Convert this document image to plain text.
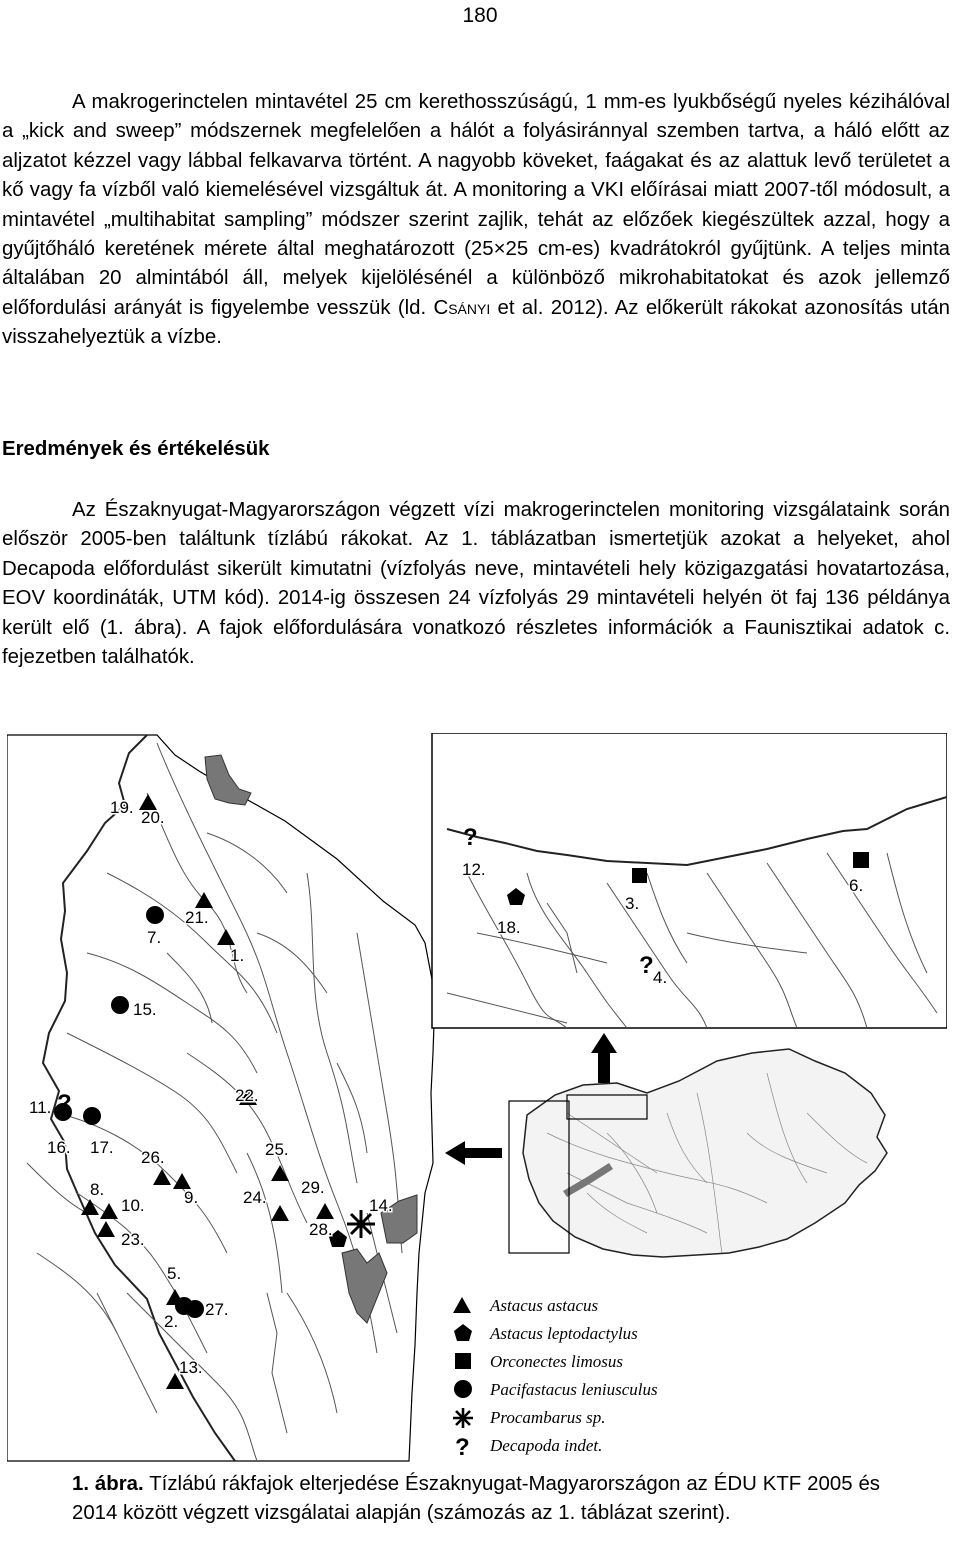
180

A makrogerinctelen mintavétel 25 cm kerethosszúságú, 1 mm-es lyukbőségű nyeles kézihálóval a „kick and sweep” módszernek megfelelően a hálót a folyásiránnyal szemben tartva, a háló előtt az aljzatot kézzel vagy lábbal felkavarva történt. A nagyobb köveket, faágakat és az alattuk levő területet a kő vagy fa vízből való kiemelésével vizsgáltuk át. A monitoring a VKI előírásai miatt 2007-től módosult, a mintavétel „multihabitat sampling” módszer szerint zajlik, tehát az előzőek kiegészültek azzal, hogy a gyűjtőháló keretének mérete által meghatározott (25×25 cm-es) kvadrátokról gyűjtünk. A teljes minta általában 20 almintából áll, melyek kijelölésénél a különböző mikrohabitatokat és azok jellemző előfordulási arányát is figyelembe vesszük (ld. Csányi et al. 2012). Az előkerült rákokat azonosítás után visszahelyeztük a vízbe.

Eredmények és értékelésük

Az Északnyugat-Magyarországon végzett vízi makrogerinctelen monitoring vizsgálataink során először 2005-ben találtunk tízlábú rákokat. Az 1. táblázatban ismertetjük azokat a helyeket, ahol Decapoda előfordulást sikerült kimutatni (vízfolyás neve, mintavételi hely közigazgatási hovatartozása, EOV koordináták, UTM kód). 2014-ig összesen 24 vízfolyás 29 mintavételi helyén öt faj 136 példánya került elő (1. ábra). A fajok előfordulására vonatkozó részletes információk a Faunisztikai adatok c. fejezetben találhatók.

?
19.
20.
21.
1.
7.
15.
11.
16. 17.
22.
25.
26.
8.
10. 9.	24.
29.
14.
28.
23.
5.
2.
27.
13.
?
?
12.
18.
3.
4.
6.
Astacus astacus
Astacus leptodactylus
Orconectes limosus
Pacifastacus leniusculus
Procambarus sp.
? Decapoda indet.

1. ábra. Tízlábú rákfajok elterjedése Északnyugat-Magyarországon az ÉDU KTF 2005 és 2014 között végzett vizsgálatai alapján (számozás az 1. táblázat szerint).
